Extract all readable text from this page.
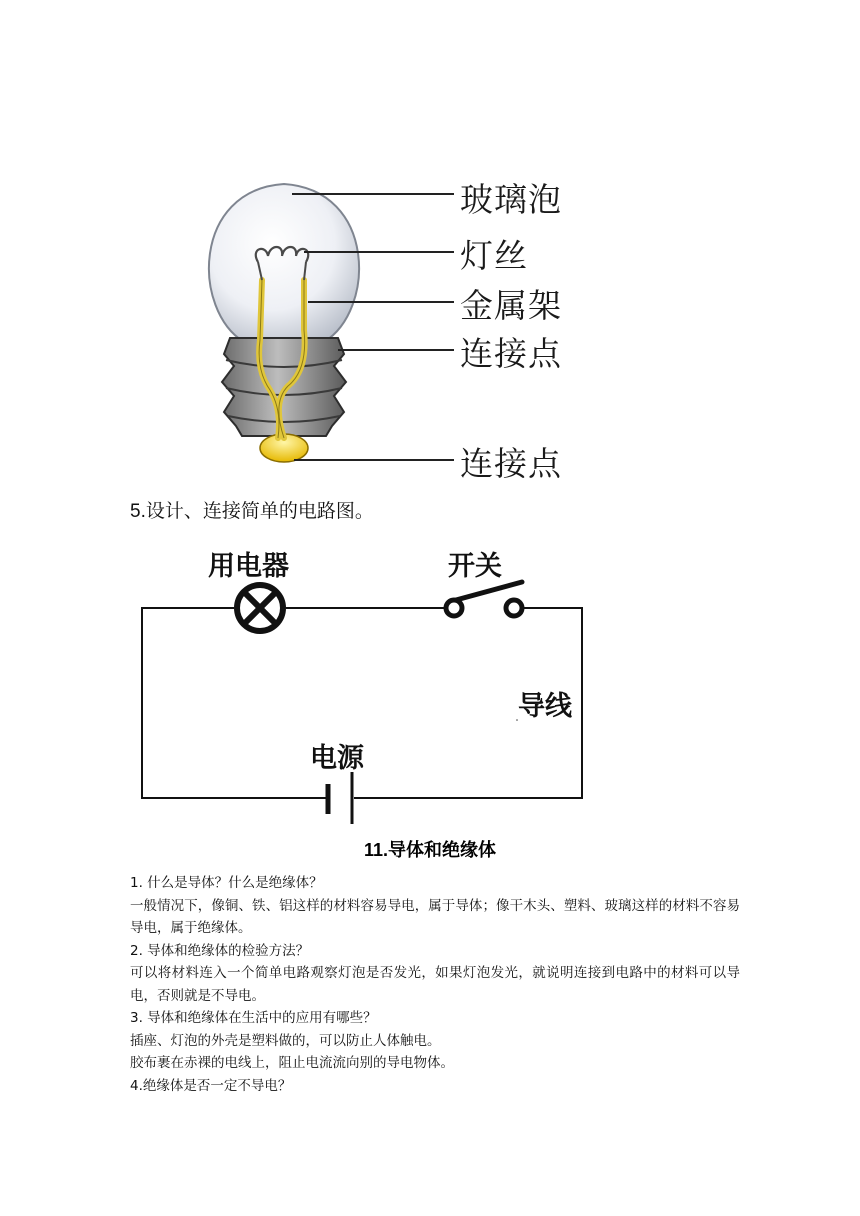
玻璃泡
灯丝
金属架
连接点
连接点
5.设计、连接简单的电路图。
用电器	开关
导线
电源
11.导体和绝缘体

1. 什么是导体？什么是绝缘体？

一般情况下，像铜、铁、铝这样的材料容易导电，属于导体；像干木头、塑料、玻璃这样的材料不容易导电，属于绝缘体。

2. 导体和绝缘体的检验方法？

可以将材料连入一个简单电路观察灯泡是否发光，如果灯泡发光，就说明连接到电路中的材料可以导电，否则就是不导电。

3. 导体和绝缘体在生活中的应用有哪些？

插座、灯泡的外壳是塑料做的，可以防止人体触电。

胶布裹在赤裸的电线上，阻止电流流向别的导电物体。

4.绝缘体是否一定不导电？
